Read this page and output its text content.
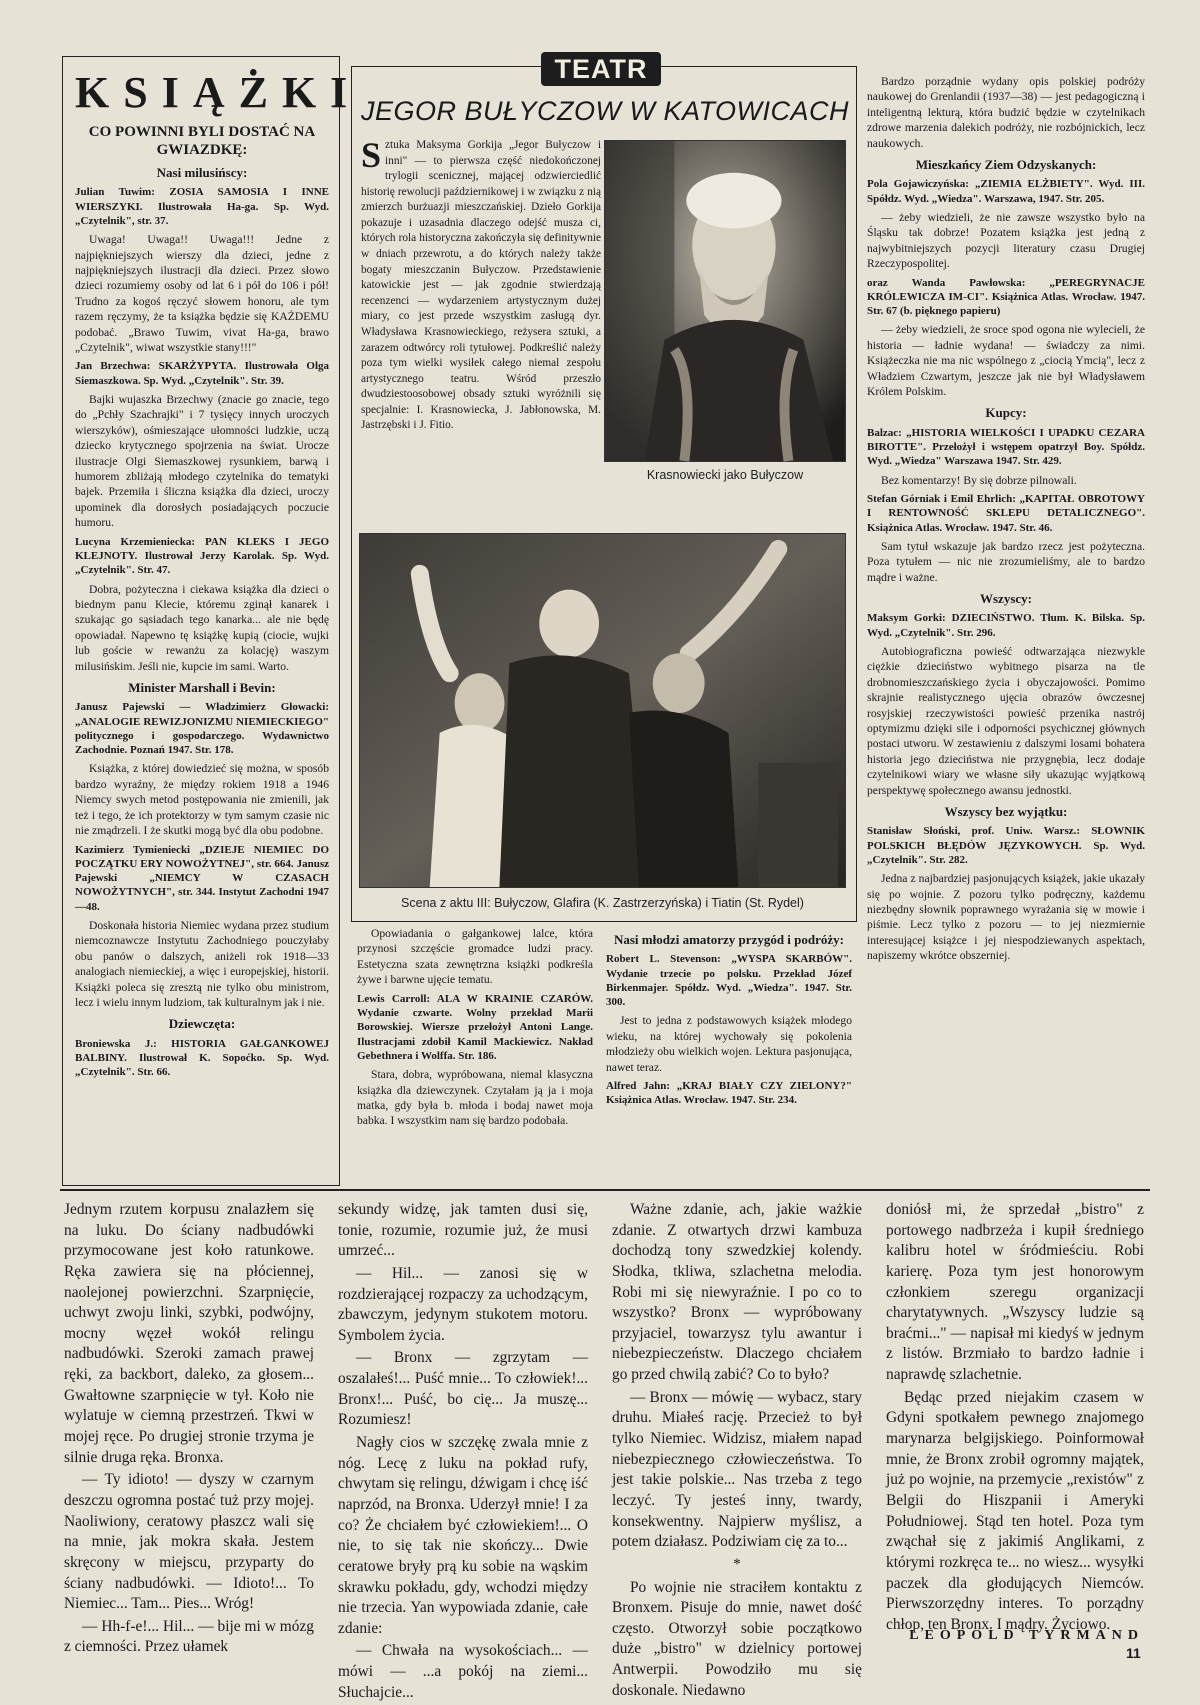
KSIĄŻKI
CO POWINNI BYLI DOSTAĆ NA GWIAZDKĘ:
Nasi milusińscy:

Julian Tuwim: ZOSIA SAMOSIA I INNE WIERSZYKI. Ilustrowała Ha-ga. Sp. Wyd. „Czytelnik", str. 37.

Uwaga! Uwaga!! Uwaga!!! Jedne z najpiękniejszych wierszy dla dzieci, jedne z najpiękniejszych ilustracji dla dzieci. Przez słowo dzieci rozumiemy osoby od lat 6 i pół do 106 i pół! Trudno za kogoś ręczyć słowem honoru, ale tym razem ręczymy, że ta książka będzie się KAŻDEMU podobać. „Brawo Tuwim, vivat Ha-ga, brawo „Czytelnik", wiwat wszystkie stany!!!"

Jan Brzechwa: SKARŻYPYTA. Ilustrowała Olga Siemaszkowa. Sp. Wyd. „Czytelnik". Str. 39.

Bajki wujaszka Brzechwy (znacie go znacie, tego do „Pchły Szachrajki" i 7 tysięcy innych uroczych wierszyków), ośmieszające ułomności ludzkie, uczą dziecko krytycznego spojrzenia na świat. Urocze ilustracje Olgi Siemaszkowej rysunkiem, barwą i humorem zbliżają młodego czytelnika do tematyki bajek. Przemiła i śliczna książka dla dzieci, uroczy upominek dla dorosłych posiadających poczucie humoru.

Lucyna Krzemieniecka: PAN KLEKS I JEGO KLEJNOTY. Ilustrował Jerzy Karolak. Sp. Wyd. „Czytelnik". Str. 47.

Dobra, pożyteczna i ciekawa książka dla dzieci o biednym panu Klecie, któremu zginął kanarek i szukając go sąsiadach tego kanarka... ale nie będę opowiadał. Napewno tę książkę kupią (ciocie, wujki lub goście w rewanżu za kolację) waszym milusińskim. Jeśli nie, kupcie im sami. Warto.

Minister Marshall i Bevin:

Janusz Pajewski — Władzimierz Głowacki: „ANALOGIE REWIZJONIZMU NIEMIECKIEGO" politycznego i gospodarczego. Wydawnictwo Zachodnie. Poznań 1947. Str. 178.

Książka, z której dowiedzieć się można, w sposób bardzo wyraźny, że między rokiem 1918 a 1946 Niemcy swych metod postępowania nie zmienili, jak też i tego, że ich protektorzy w tym samym czasie nic nie zmądrzeli. I że skutki mogą być dla obu podobne.

Kazimierz Tymieniecki „DZIEJE NIEMIEC DO POCZĄTKU ERY NOWOŻYTNEJ", str. 664. Janusz Pajewski „NIEMCY W CZASACH NOWOŻYTNYCH", str. 344. Instytut Zachodni 1947—48.

Doskonała historia Niemiec wydana przez studium niemcoznawcze Instytutu Zachodniego pouczyłaby obu panów o dalszych, aniżeli rok 1918—33 analogiach niemieckiej, a więc i europejskiej, historii. Książki poleca się zresztą nie tylko obu ministrom, lecz i wielu innym ludziom, tak kulturalnym jak i nie.

Dziewczęta:

Broniewska J.: HISTORIA GAŁGANKOWEJ BALBINY. Ilustrował K. Sopoćko. Sp. Wyd. „Czytelnik". Str. 66.

TEATR
JEGOR BUŁYCZOW W KATOWICACH
Sztuka Maksyma Gorkija „Jegor Bułyczow i inni" — to pierwsza część niedokończonej trylogii scenicznej, mającej odzwierciedlić historię rewolucji październikowej i w związku z nią zmierzch burżuazji mieszczańskiej. Dzieło Gorkija pokazuje i uzasadnia dlaczego odejść musza ci, których rola historyczna zakończyła się definitywnie w dniach przewrotu, a do których należy także bogaty mieszczanin Bułyczow. Przedstawienie katowickie jest — jak zgodnie stwierdzają recenzenci — wydarzeniem artystycznym dużej miary, co jest przede wszystkim zasługą dyr. Władysława Krasnowieckiego, reżysera sztuki, a zarazem odtwórcy roli tytułowej. Podkreślić należy poza tym wielki wysiłek całego niemal zespołu artystycznego teatru. Wśród przeszło dwudziestoosobowej obsady sztuki wyróżnili się specjalnie: I. Krasnowiecka, J. Jabłonowska, M. Jastrzębski i J. Fitio.
Krasnowiecki jako Bułyczow
Scena z aktu III: Bułyczow, Glafira (K. Zastrzerzyńska) i Tiatin (St. Rydel)

Opowiadania o gałgankowej lalce, która przynosi szczęście gromadce ludzi pracy. Estetyczna szata zewnętrzna książki podkreśla żywe i barwne ujęcie tematu.

Lewis Carroll: ALA W KRAINIE CZARÓW. Wydanie czwarte. Wolny przekład Marii Borowskiej. Wiersze przełożył Antoni Lange. Ilustracjami zdobił Kamil Mackiewicz. Nakład Gebethnera i Wolffa. Str. 186.

Stara, dobra, wypróbowana, niemal klasyczna książka dla dziewczynek. Czytałam ją ja i moja matka, gdy była b. młoda i bodaj nawet moja babka. I wszystkim nam się bardzo podobała.

Nasi młodzi amatorzy przygód i podróży:

Robert L. Stevenson: „WYSPA SKARBÓW". Wydanie trzecie po polsku. Przekład Józef Birkenmajer. Spółdz. Wyd. „Wiedza". 1947. Str. 300.

Jest to jedna z podstawowych książek młodego wieku, na której wychowały się pokolenia młodzieży obu wielkich wojen. Lektura pasjonująca, nawet teraz.

Alfred Jahn: „KRAJ BIAŁY CZY ZIELONY?" Książnica Atlas. Wrocław. 1947. Str. 234.

Bardzo porządnie wydany opis polskiej podróży naukowej do Grenlandii (1937—38) — jest pedagogiczną i inteligentną lekturą, która budzić będzie w czytelnikach zdrowe marzenia dalekich podróży, nie rozbójnickich, lecz naukowych.

Mieszkańcy Ziem Odzyskanych:

Pola Gojawiczyńska: „ZIEMIA ELŻBIETY". Wyd. III. Spółdz. Wyd. „Wiedza". Warszawa, 1947. Str. 205.

— żeby wiedzieli, że nie zawsze wszystko było na Śląsku tak dobrze! Pozatem książka jest jedną z najwybitniejszych pozycji literatury czasu Drugiej Rzeczypospolitej.

oraz Wanda Pawłowska: „PEREGRYNACJE KRÓLEWICZA IM-CI". Książnica Atlas. Wrocław. 1947. Str. 67 (b. pięknego papieru)

— żeby wiedzieli, że sroce spod ogona nie wylecieli, że historia — ładnie wydana! — świadczy za nimi. Książeczka nie ma nic wspólnego z „ciocią Ymcią", lecz z Władziem Czwartym, jeszcze jak nie był Władysławem Królem Polskim.

Kupcy:

Balzac: „HISTORIA WIELKOŚCI I UPADKU CEZARA BIROTTE". Przełożył i wstępem opatrzył Boy. Spółdz. Wyd. „Wiedza" Warszawa 1947. Str. 429.

Bez komentarzy! By się dobrze pilnowali.

Stefan Górniak i Emil Ehrlich: „KAPITAŁ OBROTOWY I RENTOWNOŚĆ SKLEPU DETALICZNEGO". Książnica Atlas. Wrocław. 1947. Str. 46.

Sam tytuł wskazuje jak bardzo rzecz jest pożyteczna. Poza tytułem — nic nie zrozumieliśmy, ale to bardzo mądre i ważne.

Wszyscy:

Maksym Gorki: DZIECIŃSTWO. Tłum. K. Bilska. Sp. Wyd. „Czytelnik". Str. 296.

Autobiograficzna powieść odtwarzająca niezwykle ciężkie dzieciństwo wybitnego pisarza na tle drobnomieszczańskiego życia i obyczajowości. Pomimo skrajnie realistycznego ujęcia obrazów ówczesnej rosyjskiej rzeczywistości powieść przenika nastrój optymizmu dzięki sile i odporności psychicznej głównych postaci utworu. W zestawieniu z dalszymi losami bohatera historia jego dzieciństwa nie przygnębia, lecz dodaje czytelnikowi wiary we własne siły ukazując wyjątkową perspektywę społecznego awansu jednostki.

Wszyscy bez wyjątku:

Stanisław Słoński, prof. Uniw. Warsz.: SŁOWNIK POLSKICH BŁĘDÓW JĘZYKOWYCH. Sp. Wyd. „Czytelnik". Str. 282.

Jedna z najbardziej pasjonujących książek, jakie ukazały się po wojnie. Z pozoru tylko podręczny, każdemu niezbędny słownik poprawnego wyrażania się w mowie i piśmie. Lecz tylko z pozoru — to jej niezmiernie interesującej książce i jej niespodziewanych aspektach, napiszemy wkrótce obszerniej.

Jednym rzutem korpusu znalazłem się na luku. Do ściany nadbudówki przymocowane jest koło ratunkowe. Ręka zawiera się na płóciennej, naolejonej powierzchni. Szarpnięcie, uchwyt zwoju linki, szybki, podwójny, mocny węzeł wokół relingu nadbudówki. Szeroki zamach prawej ręki, za backbort, daleko, za głosem... Gwałtowne szarpnięcie w tył. Koło nie wylatuje w ciemną przestrzeń. Tkwi w mojej ręce. Po drugiej stronie trzyma je silnie druga ręka. Bronxa.

— Ty idioto! — dyszy w czarnym deszczu ogromna postać tuż przy mojej. Naoliwiony, ceratowy płaszcz wali się na mnie, jak mokra skała. Jestem skręcony w miejscu, przyparty do ściany nadbudówki. — Idioto!... To Niemiec... Tam... Pies... Wróg!

— Hh-f-e!... Hil... — bije mi w mózg z ciemności. Przez ułamek

sekundy widzę, jak tamten dusi się, tonie, rozumie, rozumie już, że musi umrzeć...

— Hil... — zanosi się w rozdzierającej rozpaczy za uchodzącym, zbawczym, jedynym stukotem motoru. Symbolem życia.

— Bronx — zgrzytam — oszalałeś!... Puść mnie... To człowiek!... Bronx!... Puść, bo cię... Ja muszę... Rozumiesz!

Nagły cios w szczękę zwala mnie z nóg. Lecę z luku na pokład rufy, chwytam się relingu, dźwigam i chcę iść naprzód, na Bronxa. Uderzył mnie! I za co? Że chciałem być człowiekiem!... O nie, to się tak nie skończy... Dwie ceratowe bryły prą ku sobie na wąskim skrawku pokładu, gdy, wchodzi między nie trzecia. Yan wypowiada zdanie, całe zdanie:

— Chwała na wysokościach... — mówi — ...a pokój na ziemi... Słuchajcie...

Ważne zdanie, ach, jakie ważkie zdanie. Z otwartych drzwi kambuza dochodzą tony szwedzkiej kolendy. Słodka, tkliwa, szlachetna melodia. Robi mi się niewyraźnie. I po co to wszystko? Bronx — wypróbowany przyjaciel, towarzysz tylu awantur i niebezpieczeństw. Dlaczego chciałem go przed chwilą zabić? Co to było?

— Bronx — mówię — wybacz, stary druhu. Miałeś rację. Przecież to był tylko Niemiec. Widzisz, miałem napad niebezpiecznego człowieczeństwa. To jest takie polskie... Nas trzeba z tego leczyć. Ty jesteś inny, twardy, konsekwentny. Najpierw myślisz, a potem działasz. Podziwiam cię za to...

*

Po wojnie nie straciłem kontaktu z Bronxem. Pisuje do mnie, nawet dość często. Otworzył sobie początkowo duże „bistro" w dzielnicy portowej Antwerpii. Powodziło mu się doskonale. Niedawno

doniósł mi, że sprzedał „bistro" z portowego nadbrzeża i kupił średniego kalibru hotel w śródmieściu. Robi karierę. Poza tym jest honorowym członkiem szeregu organizacji charytatywnych. „Wszyscy ludzie są braćmi..." — napisał mi kiedyś w jednym z listów. Brzmiało to bardzo ładnie i naprawdę szlachetnie.

Będąc przed niejakim czasem w Gdyni spotkałem pewnego znajomego marynarza belgijskiego. Poinformował mnie, że Bronx zrobił ogromny majątek, już po wojnie, na przemycie „rexistów" z Belgii do Hiszpanii i Ameryki Południowej. Stąd ten hotel. Poza tym zwąchał się z jakimiś Anglikami, z którymi rozkręca te... no wiesz... wysyłki paczek dla głodujących Niemców. Pierwszorzędny interes. To porządny chłop, ten Bronx. I mądry. Życiowo.

LEOPOLD TYRMAND
11
